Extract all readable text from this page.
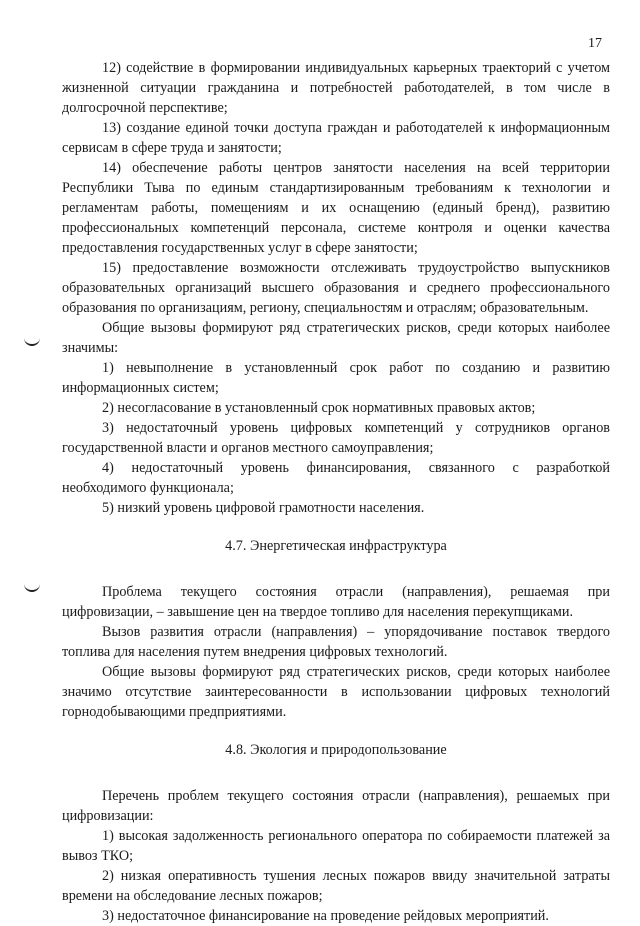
17

12) содействие в формировании индивидуальных карьерных траекторий с учетом жизненной ситуации гражданина и потребностей работодателей, в том числе в долгосрочной перспективе;

13) создание единой точки доступа граждан и работодателей к информационным сервисам в сфере труда и занятости;

14) обеспечение работы центров занятости населения на всей территории Республики Тыва по единым стандартизированным требованиям к технологии и регламентам работы, помещениям и их оснащению (единый бренд), развитию профессиональных компетенций персонала, системе контроля и оценки качества предоставления государственных услуг в сфере занятости;

15) предоставление возможности отслеживать трудоустройство выпускников образовательных организаций высшего образования и среднего профессионального образования по организациям, региону, специальностям и отраслям; образовательным.

Общие вызовы формируют ряд стратегических рисков, среди которых наиболее значимы:

1) невыполнение в установленный срок работ по созданию и развитию информационных систем;

2) несогласование в установленный срок нормативных правовых актов;

3) недостаточный уровень цифровых компетенций у сотрудников органов государственной власти и органов местного самоуправления;

4) недостаточный уровень финансирования, связанного с разработкой необходимого функционала;

5) низкий уровень цифровой грамотности населения.

4.7. Энергетическая инфраструктура

Проблема текущего состояния отрасли (направления), решаемая при цифровизации, – завышение цен на твердое топливо для населения перекупщиками.

Вызов развития отрасли (направления) – упорядочивание поставок твердого топлива для населения путем внедрения цифровых технологий.

Общие вызовы формируют ряд стратегических рисков, среди которых наиболее значимо отсутствие заинтересованности в использовании цифровых технологий горнодобывающими предприятиями.

4.8. Экология и природопользование

Перечень проблем текущего состояния отрасли (направления), решаемых при цифровизации:

1) высокая задолженность регионального оператора по собираемости платежей за вывоз ТКО;

2) низкая оперативность тушения лесных пожаров ввиду значительной затраты времени на обследование лесных пожаров;

3) недостаточное финансирование на проведение рейдовых мероприятий.
